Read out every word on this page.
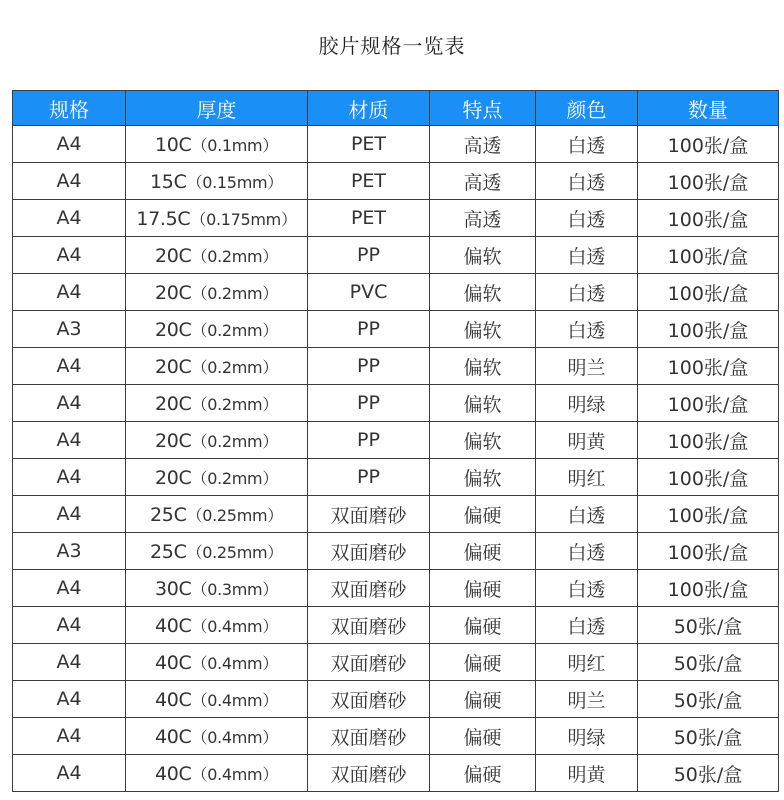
胶片规格一览表
规格	厚度	材质	特点	颜色	数量
A4	10C（0.1mm）	PET	高透	白透	100张/盒
A4	15C（0.15mm）	PET	高透	白透	100张/盒
A4	17.5C（0.175mm）	PET	高透	白透	100张/盒
A4	20C（0.2mm）	PP	偏软	白透	100张/盒
A4	20C（0.2mm）	PVC	偏软	白透	100张/盒
A3	20C（0.2mm）	PP	偏软	白透	100张/盒
A4	20C（0.2mm）	PP	偏软	明兰	100张/盒
A4	20C（0.2mm）	PP	偏软	明绿	100张/盒
A4	20C（0.2mm）	PP	偏软	明黄	100张/盒
A4	20C（0.2mm）	PP	偏软	明红	100张/盒
A4	25C（0.25mm）	双面磨砂	偏硬	白透	100张/盒
A3	25C（0.25mm）	双面磨砂	偏硬	白透	100张/盒
A4	30C（0.3mm）	双面磨砂	偏硬	白透	100张/盒
A4	40C（0.4mm）	双面磨砂	偏硬	白透	50张/盒
A4	40C（0.4mm）	双面磨砂	偏硬	明红	50张/盒
A4	40C（0.4mm）	双面磨砂	偏硬	明兰	50张/盒
A4	40C（0.4mm）	双面磨砂	偏硬	明绿	50张/盒
A4	40C（0.4mm）	双面磨砂	偏硬	明黄	50张/盒
